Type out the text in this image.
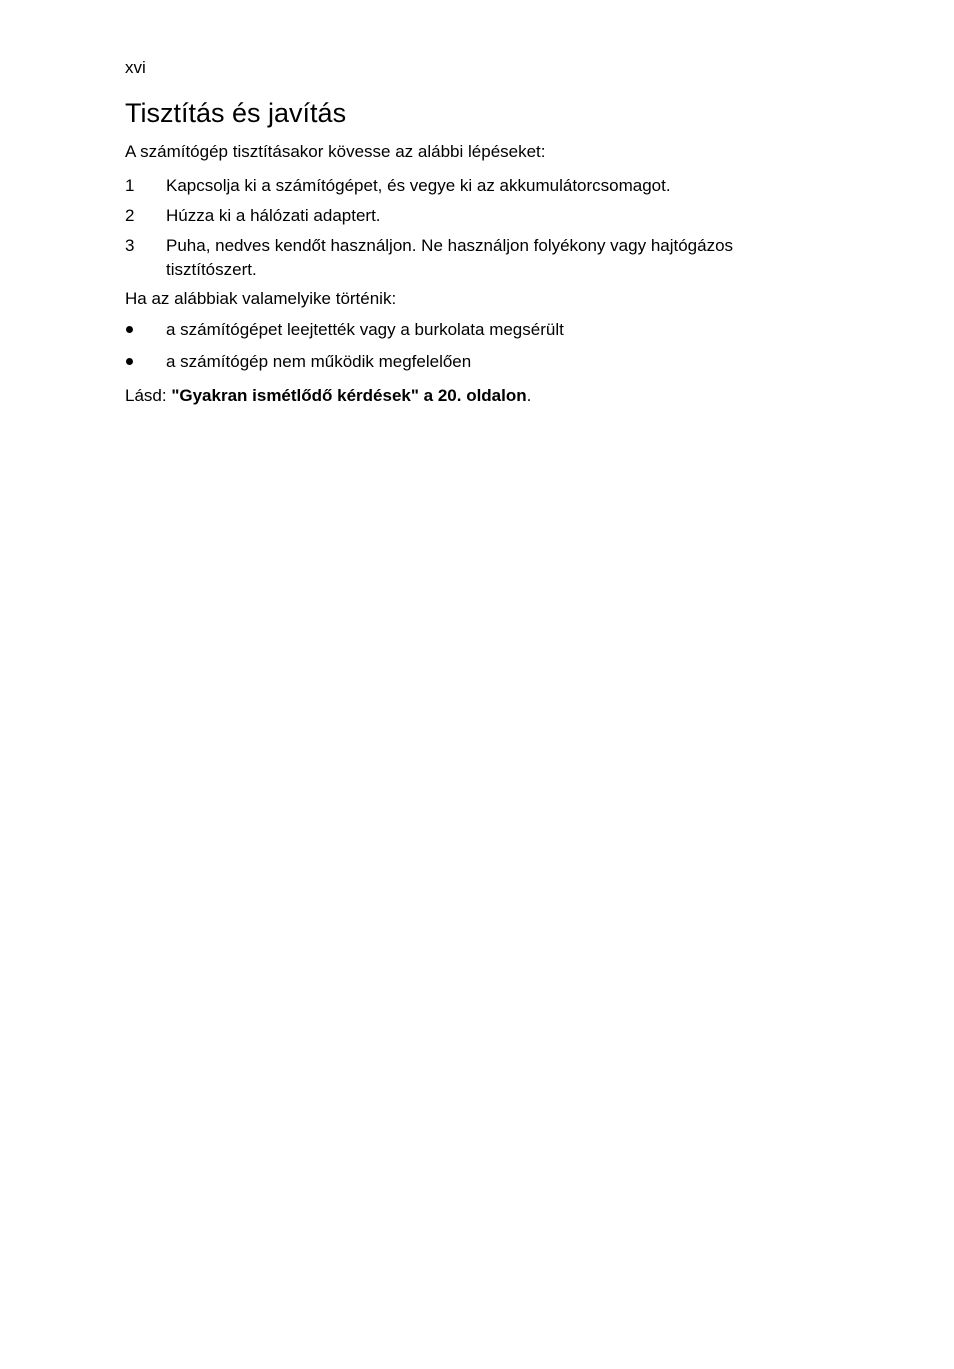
xvi
Tisztítás és javítás

A számítógép tisztításakor kövesse az alábbi lépéseket:

1 Kapcsolja ki a számítógépet, és vegye ki az akkumulátorcsomagot.
2 Húzza ki a hálózati adaptert.
3 Puha, nedves kendőt használjon. Ne használjon folyékony vagy hajtógázos tisztítószert.

Ha az alábbiak valamelyike történik:

a számítógépet leejtették vagy a burkolata megsérült
a számítógép nem működik megfelelően

Lásd: "Gyakran ismétlődő kérdések" a 20. oldalon.
